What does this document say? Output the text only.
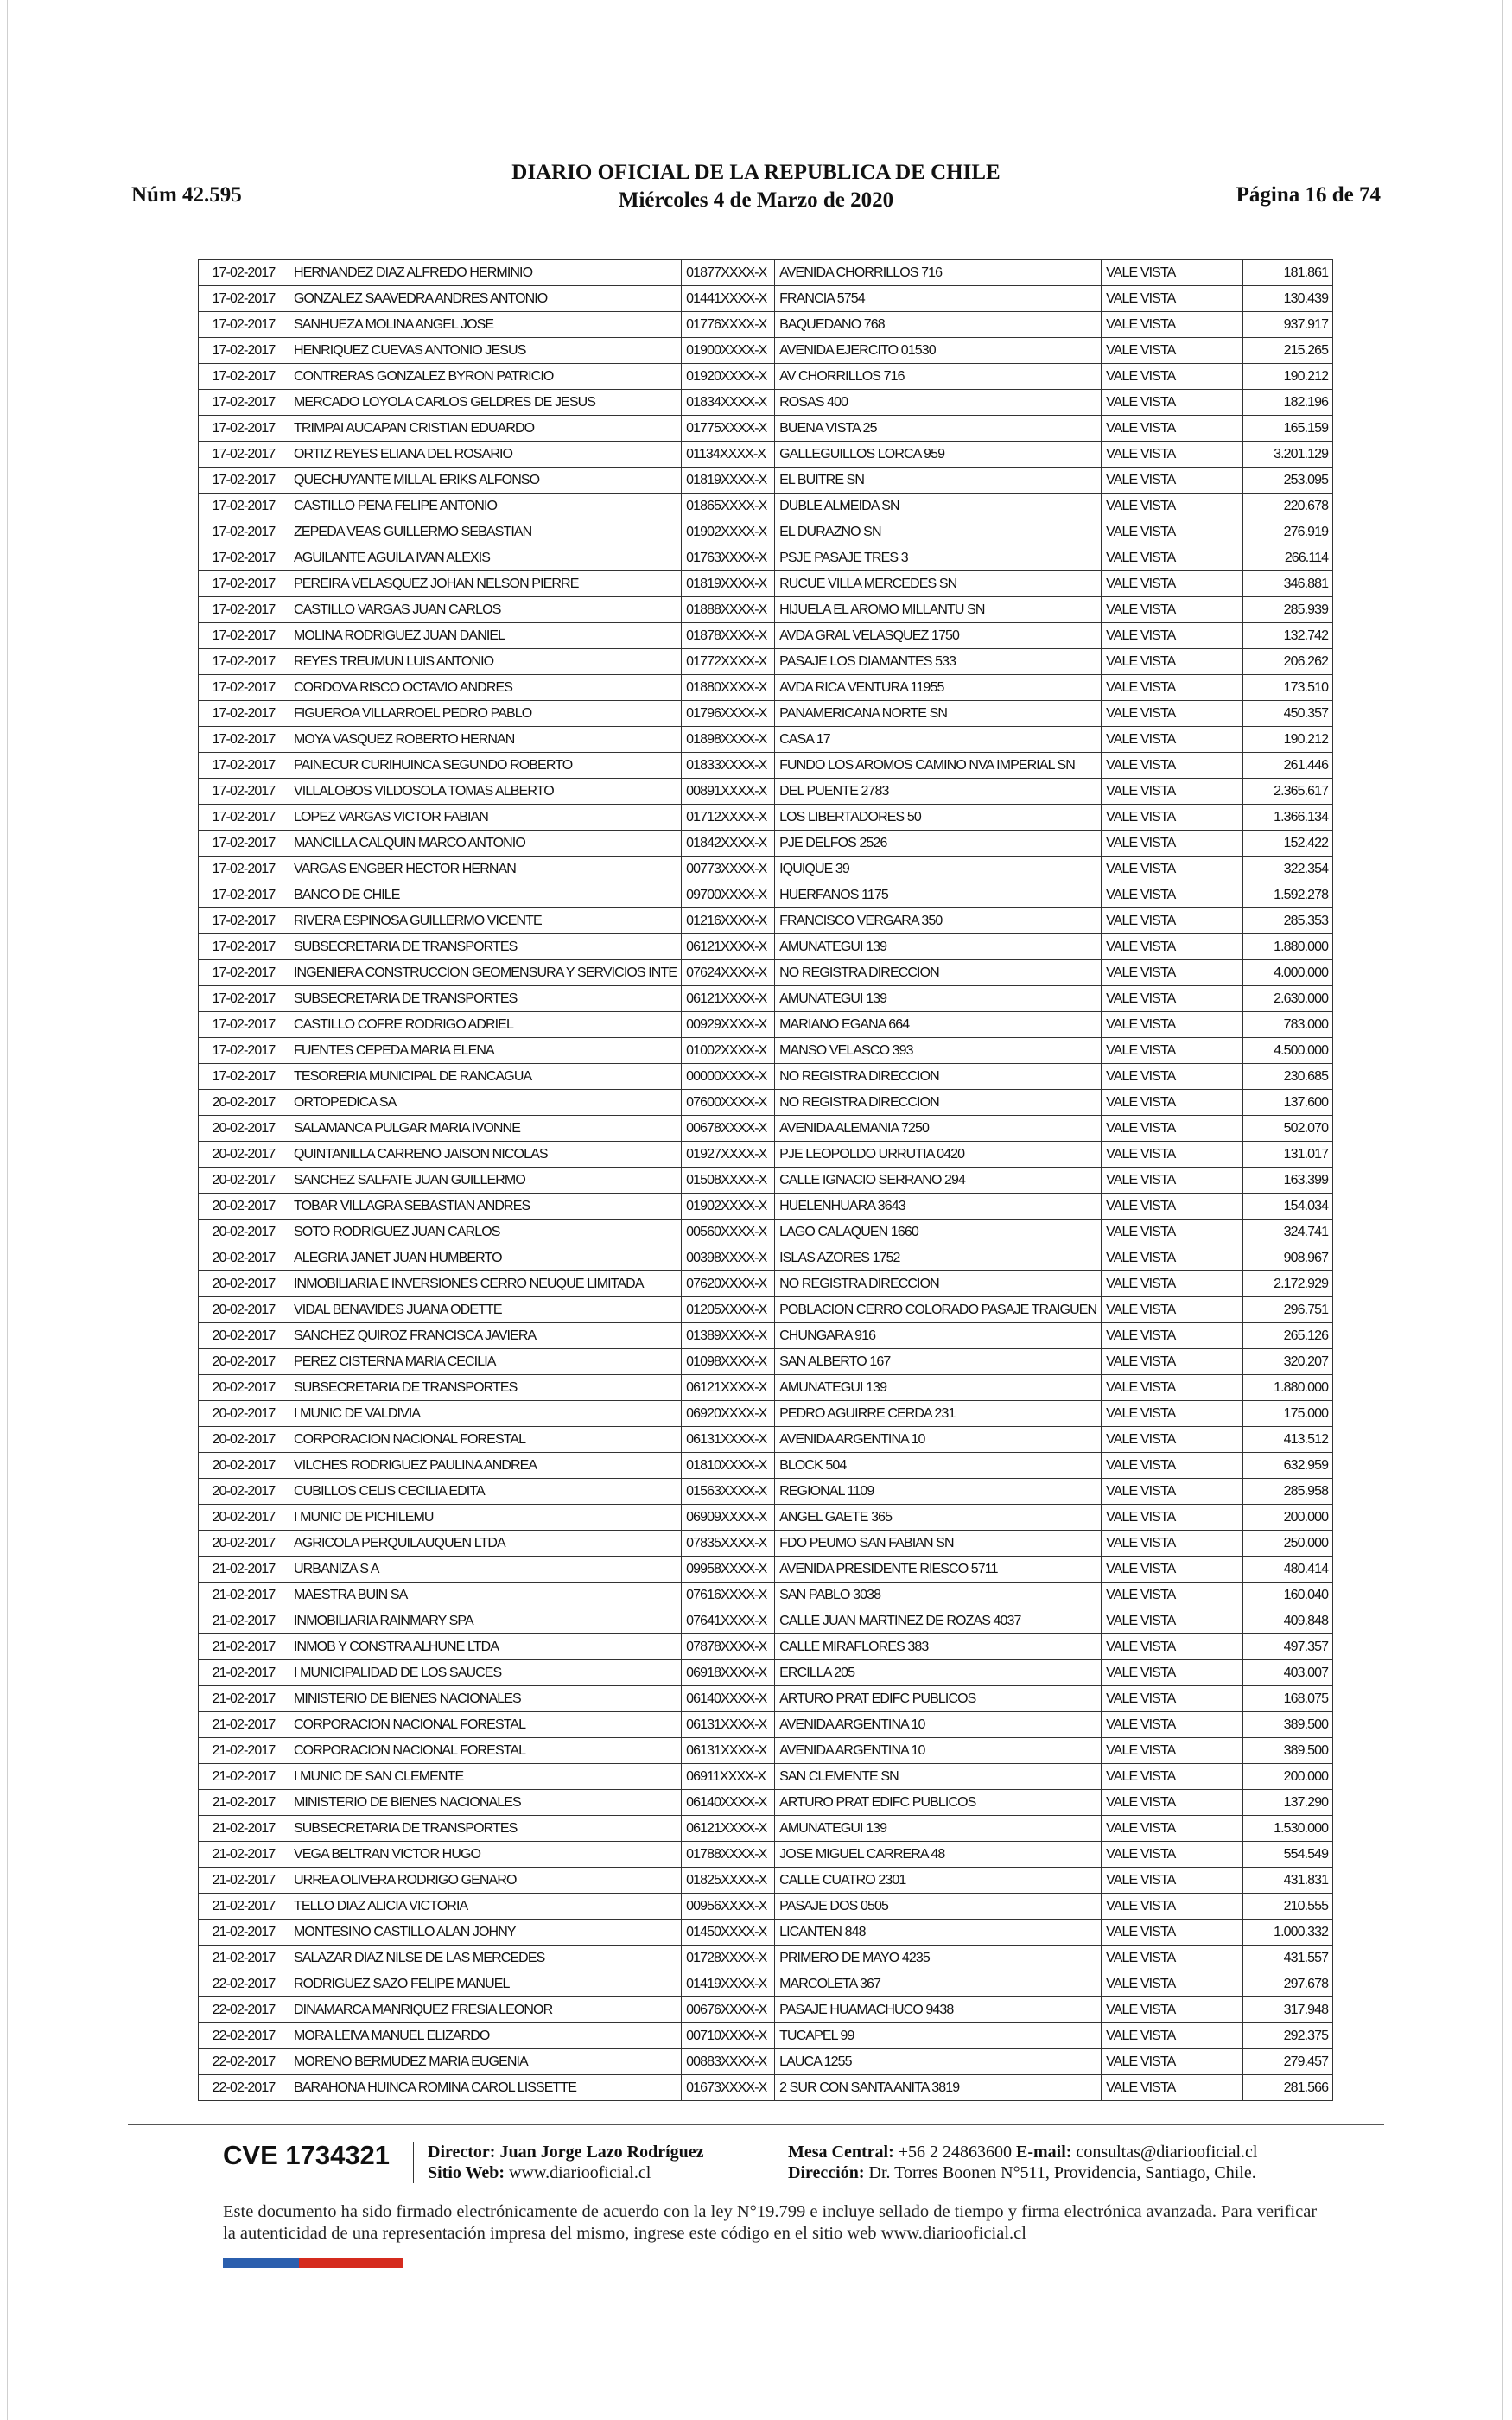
Núm 42.595
DIARIO OFICIAL DE LA REPUBLICA DE CHILE
Miércoles 4 de Marzo de 2020	Página 16 de 74
17-02-2017	HERNANDEZ DIAZ ALFREDO HERMINIO	01877XXXX-X	AVENIDA CHORRILLOS 716	VALE VISTA	181.861
17-02-2017	GONZALEZ SAAVEDRA ANDRES ANTONIO	01441XXXX-X	FRANCIA 5754	VALE VISTA	130.439
17-02-2017	SANHUEZA MOLINA ANGEL JOSE	01776XXXX-X	BAQUEDANO 768	VALE VISTA	937.917
17-02-2017	HENRIQUEZ CUEVAS ANTONIO JESUS	01900XXXX-X	AVENIDA EJERCITO 01530	VALE VISTA	215.265
17-02-2017	CONTRERAS GONZALEZ BYRON PATRICIO	01920XXXX-X	AV CHORRILLOS 716	VALE VISTA	190.212
17-02-2017	MERCADO LOYOLA CARLOS GELDRES DE JESUS	01834XXXX-X	ROSAS 400	VALE VISTA	182.196
17-02-2017	TRIMPAI AUCAPAN CRISTIAN EDUARDO	01775XXXX-X	BUENA VISTA 25	VALE VISTA	165.159
17-02-2017	ORTIZ REYES ELIANA DEL ROSARIO	01134XXXX-X	GALLEGUILLOS LORCA 959	VALE VISTA	3.201.129
17-02-2017	QUECHUYANTE MILLAL ERIKS ALFONSO	01819XXXX-X	EL BUITRE SN	VALE VISTA	253.095
17-02-2017	CASTILLO PENA FELIPE ANTONIO	01865XXXX-X	DUBLE ALMEIDA SN	VALE VISTA	220.678
17-02-2017	ZEPEDA VEAS GUILLERMO SEBASTIAN	01902XXXX-X	EL DURAZNO SN	VALE VISTA	276.919
17-02-2017	AGUILANTE AGUILA IVAN ALEXIS	01763XXXX-X	PSJE PASAJE TRES 3	VALE VISTA	266.114
17-02-2017	PEREIRA VELASQUEZ JOHAN NELSON PIERRE	01819XXXX-X	RUCUE VILLA MERCEDES SN	VALE VISTA	346.881
17-02-2017	CASTILLO VARGAS JUAN CARLOS	01888XXXX-X	HIJUELA EL AROMO MILLANTU SN	VALE VISTA	285.939
17-02-2017	MOLINA RODRIGUEZ JUAN DANIEL	01878XXXX-X	AVDA GRAL VELASQUEZ 1750	VALE VISTA	132.742
17-02-2017	REYES TREUMUN LUIS ANTONIO	01772XXXX-X	PASAJE LOS DIAMANTES 533	VALE VISTA	206.262
17-02-2017	CORDOVA RISCO OCTAVIO ANDRES	01880XXXX-X	AVDA RICA VENTURA 11955	VALE VISTA	173.510
17-02-2017	FIGUEROA VILLARROEL PEDRO PABLO	01796XXXX-X	PANAMERICANA NORTE SN	VALE VISTA	450.357
17-02-2017	MOYA VASQUEZ ROBERTO HERNAN	01898XXXX-X	CASA 17	VALE VISTA	190.212
17-02-2017	PAINECUR CURIHUINCA SEGUNDO ROBERTO	01833XXXX-X	FUNDO LOS AROMOS CAMINO NVA IMPERIAL SN	VALE VISTA	261.446
17-02-2017	VILLALOBOS VILDOSOLA TOMAS ALBERTO	00891XXXX-X	DEL PUENTE 2783	VALE VISTA	2.365.617
17-02-2017	LOPEZ VARGAS VICTOR FABIAN	01712XXXX-X	LOS LIBERTADORES 50	VALE VISTA	1.366.134
17-02-2017	MANCILLA CALQUIN MARCO ANTONIO	01842XXXX-X	PJE DELFOS 2526	VALE VISTA	152.422
17-02-2017	VARGAS ENGBER HECTOR HERNAN	00773XXXX-X	IQUIQUE 39	VALE VISTA	322.354
17-02-2017	BANCO DE CHILE	09700XXXX-X	HUERFANOS 1175	VALE VISTA	1.592.278
17-02-2017	RIVERA ESPINOSA GUILLERMO VICENTE	01216XXXX-X	FRANCISCO VERGARA 350	VALE VISTA	285.353
17-02-2017	SUBSECRETARIA DE TRANSPORTES	06121XXXX-X	AMUNATEGUI 139	VALE VISTA	1.880.000
17-02-2017	INGENIERA CONSTRUCCION GEOMENSURA Y SERVICIOS INTE	07624XXXX-X	NO REGISTRA DIRECCION	VALE VISTA	4.000.000
17-02-2017	SUBSECRETARIA DE TRANSPORTES	06121XXXX-X	AMUNATEGUI 139	VALE VISTA	2.630.000
17-02-2017	CASTILLO COFRE RODRIGO ADRIEL	00929XXXX-X	MARIANO EGANA 664	VALE VISTA	783.000
17-02-2017	FUENTES CEPEDA MARIA ELENA	01002XXXX-X	MANSO VELASCO 393	VALE VISTA	4.500.000
17-02-2017	TESORERIA MUNICIPAL DE RANCAGUA	00000XXXX-X	NO REGISTRA DIRECCION	VALE VISTA	230.685
20-02-2017	ORTOPEDICA SA	07600XXXX-X	NO REGISTRA DIRECCION	VALE VISTA	137.600
20-02-2017	SALAMANCA PULGAR MARIA IVONNE	00678XXXX-X	AVENIDA ALEMANIA 7250	VALE VISTA	502.070
20-02-2017	QUINTANILLA CARRENO JAISON NICOLAS	01927XXXX-X	PJE LEOPOLDO URRUTIA 0420	VALE VISTA	131.017
20-02-2017	SANCHEZ SALFATE JUAN GUILLERMO	01508XXXX-X	CALLE IGNACIO SERRANO 294	VALE VISTA	163.399
20-02-2017	TOBAR VILLAGRA SEBASTIAN ANDRES	01902XXXX-X	HUELENHUARA 3643	VALE VISTA	154.034
20-02-2017	SOTO RODRIGUEZ JUAN CARLOS	00560XXXX-X	LAGO CALAQUEN 1660	VALE VISTA	324.741
20-02-2017	ALEGRIA JANET JUAN HUMBERTO	00398XXXX-X	ISLAS AZORES 1752	VALE VISTA	908.967
20-02-2017	INMOBILIARIA E INVERSIONES CERRO NEUQUE LIMITADA	07620XXXX-X	NO REGISTRA DIRECCION	VALE VISTA	2.172.929
20-02-2017	VIDAL BENAVIDES JUANA ODETTE	01205XXXX-X	POBLACION CERRO COLORADO PASAJE TRAIGUEN	VALE VISTA	296.751
20-02-2017	SANCHEZ QUIROZ FRANCISCA JAVIERA	01389XXXX-X	CHUNGARA 916	VALE VISTA	265.126
20-02-2017	PEREZ CISTERNA MARIA CECILIA	01098XXXX-X	SAN ALBERTO 167	VALE VISTA	320.207
20-02-2017	SUBSECRETARIA DE TRANSPORTES	06121XXXX-X	AMUNATEGUI 139	VALE VISTA	1.880.000
20-02-2017	I MUNIC DE VALDIVIA	06920XXXX-X	PEDRO AGUIRRE CERDA 231	VALE VISTA	175.000
20-02-2017	CORPORACION NACIONAL FORESTAL	06131XXXX-X	AVENIDA ARGENTINA 10	VALE VISTA	413.512
20-02-2017	VILCHES RODRIGUEZ PAULINA ANDREA	01810XXXX-X	BLOCK 504	VALE VISTA	632.959
20-02-2017	CUBILLOS CELIS CECILIA EDITA	01563XXXX-X	REGIONAL 1109	VALE VISTA	285.958
20-02-2017	I MUNIC DE PICHILEMU	06909XXXX-X	ANGEL GAETE 365	VALE VISTA	200.000
20-02-2017	AGRICOLA PERQUILAUQUEN LTDA	07835XXXX-X	FDO PEUMO SAN FABIAN SN	VALE VISTA	250.000
21-02-2017	URBANIZA S A	09958XXXX-X	AVENIDA PRESIDENTE RIESCO 5711	VALE VISTA	480.414
21-02-2017	MAESTRA BUIN SA	07616XXXX-X	SAN PABLO 3038	VALE VISTA	160.040
21-02-2017	INMOBILIARIA RAINMARY SPA	07641XXXX-X	CALLE JUAN MARTINEZ DE ROZAS 4037	VALE VISTA	409.848
21-02-2017	INMOB Y CONSTRA ALHUNE LTDA	07878XXXX-X	CALLE MIRAFLORES 383	VALE VISTA	497.357
21-02-2017	I MUNICIPALIDAD DE LOS SAUCES	06918XXXX-X	ERCILLA 205	VALE VISTA	403.007
21-02-2017	MINISTERIO DE BIENES NACIONALES	06140XXXX-X	ARTURO PRAT EDIFC PUBLICOS	VALE VISTA	168.075
21-02-2017	CORPORACION NACIONAL FORESTAL	06131XXXX-X	AVENIDA ARGENTINA 10	VALE VISTA	389.500
21-02-2017	CORPORACION NACIONAL FORESTAL	06131XXXX-X	AVENIDA ARGENTINA 10	VALE VISTA	389.500
21-02-2017	I MUNIC DE SAN CLEMENTE	06911XXXX-X	SAN CLEMENTE SN	VALE VISTA	200.000
21-02-2017	MINISTERIO DE BIENES NACIONALES	06140XXXX-X	ARTURO PRAT EDIFC PUBLICOS	VALE VISTA	137.290
21-02-2017	SUBSECRETARIA DE TRANSPORTES	06121XXXX-X	AMUNATEGUI 139	VALE VISTA	1.530.000
21-02-2017	VEGA BELTRAN VICTOR HUGO	01788XXXX-X	JOSE MIGUEL CARRERA 48	VALE VISTA	554.549
21-02-2017	URREA OLIVERA RODRIGO GENARO	01825XXXX-X	CALLE CUATRO 2301	VALE VISTA	431.831
21-02-2017	TELLO DIAZ ALICIA VICTORIA	00956XXXX-X	PASAJE DOS 0505	VALE VISTA	210.555
21-02-2017	MONTESINO CASTILLO ALAN JOHNY	01450XXXX-X	LICANTEN 848	VALE VISTA	1.000.332
21-02-2017	SALAZAR DIAZ NILSE DE LAS MERCEDES	01728XXXX-X	PRIMERO DE MAYO 4235	VALE VISTA	431.557
22-02-2017	RODRIGUEZ SAZO FELIPE MANUEL	01419XXXX-X	MARCOLETA 367	VALE VISTA	297.678
22-02-2017	DINAMARCA MANRIQUEZ FRESIA LEONOR	00676XXXX-X	PASAJE HUAMACHUCO 9438	VALE VISTA	317.948
22-02-2017	MORA LEIVA MANUEL ELIZARDO	00710XXXX-X	TUCAPEL 99	VALE VISTA	292.375
22-02-2017	MORENO BERMUDEZ MARIA EUGENIA	00883XXXX-X	LAUCA 1255	VALE VISTA	279.457
22-02-2017	BARAHONA HUINCA ROMINA CAROL LISSETTE	01673XXXX-X	2 SUR CON SANTA ANITA 3819	VALE VISTA	281.566
CVE 1734321 Director: Juan Jorge Lazo Rodríguez
Sitio Web: www.diariooficial.cl
Mesa Central: +56 2 24863600 E-mail: consultas@diariooficial.cl
Dirección: Dr. Torres Boonen N°511, Providencia, Santiago, Chile.
Este documento ha sido firmado electrónicamente de acuerdo con la ley N°19.799 e incluye sellado de tiempo y firma electrónica avanzada. Para verificar la autenticidad de una representación impresa del mismo, ingrese este código en el sitio web www.diariooficial.cl
